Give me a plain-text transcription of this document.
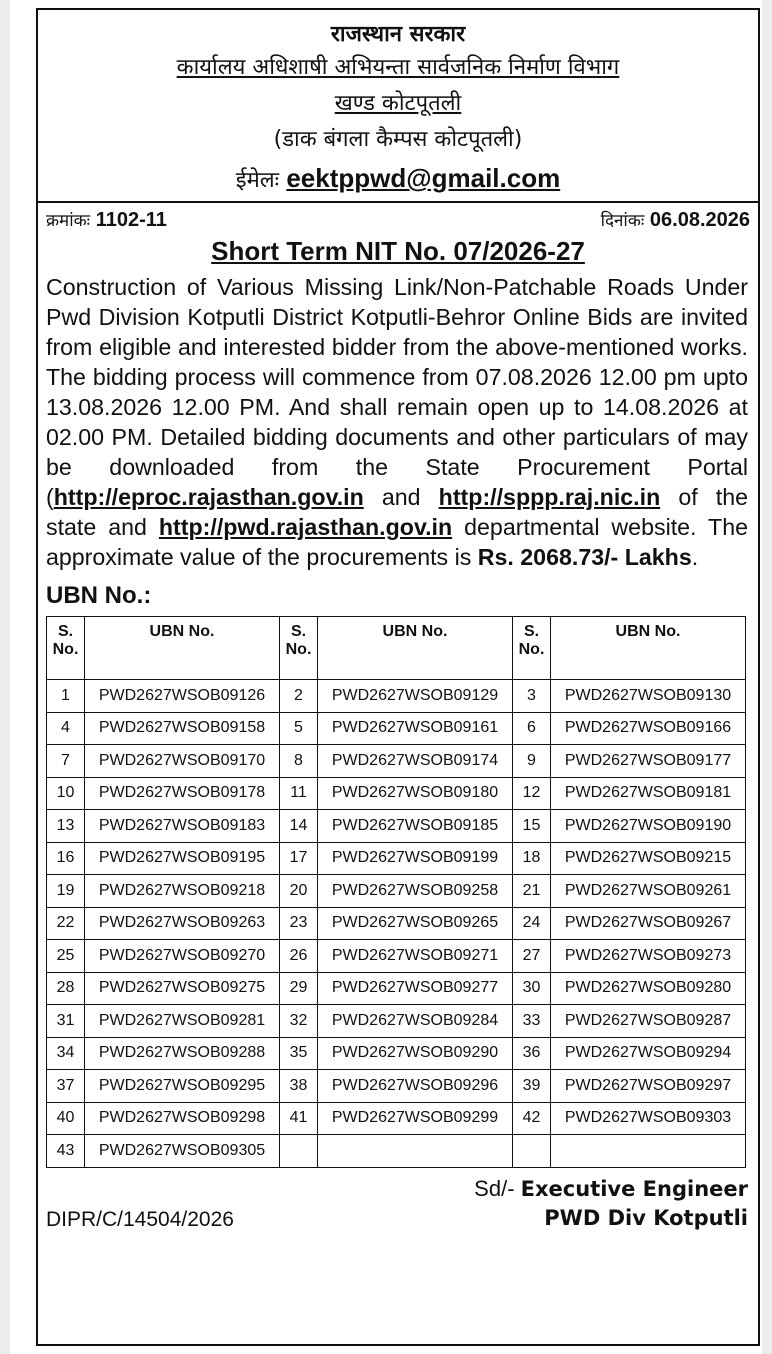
राजस्थान सरकार
कार्यालय अधिशाषी अभियन्ता सार्वजनिक निर्माण विभाग
खण्ड कोटपूतली
(डाक बंगला कैम्पस कोटपूतली)
ईमेलः eektppwd@gmail.com
क्रमांकः 1102-11	दिनांकः 06.08.2026
Short Term NIT No. 07/2026-27
Construction of Various Missing Link/Non-Patchable Roads Under Pwd Division Kotputli District Kotputli-Behror Online Bids are invited from eligible and interested bidder from the above-mentioned works. The bidding process will commence from 07.08.2026 12.00 pm upto 13.08.2026 12.00 PM. And shall remain open up to 14.08.2026 at 02.00 PM. Detailed bidding documents and other particulars of may be downloaded from the State Procurement Portal (http://eproc.rajasthan.gov.in and http://sppp.raj.nic.in of the state and http://pwd.rajasthan.gov.in departmental website. The approximate value of the procurements is Rs. 2068.73/- Lakhs.
UBN No.:
S. No.	UBN No.	S. No.	UBN No.	S. No.	UBN No.
1	PWD2627WSOB09126	2	PWD2627WSOB09129	3	PWD2627WSOB09130
4	PWD2627WSOB09158	5	PWD2627WSOB09161	6	PWD2627WSOB09166
7	PWD2627WSOB09170	8	PWD2627WSOB09174	9	PWD2627WSOB09177
10	PWD2627WSOB09178	11	PWD2627WSOB09180	12	PWD2627WSOB09181
13	PWD2627WSOB09183	14	PWD2627WSOB09185	15	PWD2627WSOB09190
16	PWD2627WSOB09195	17	PWD2627WSOB09199	18	PWD2627WSOB09215
19	PWD2627WSOB09218	20	PWD2627WSOB09258	21	PWD2627WSOB09261
22	PWD2627WSOB09263	23	PWD2627WSOB09265	24	PWD2627WSOB09267
25	PWD2627WSOB09270	26	PWD2627WSOB09271	27	PWD2627WSOB09273
28	PWD2627WSOB09275	29	PWD2627WSOB09277	30	PWD2627WSOB09280
31	PWD2627WSOB09281	32	PWD2627WSOB09284	33	PWD2627WSOB09287
34	PWD2627WSOB09288	35	PWD2627WSOB09290	36	PWD2627WSOB09294
37	PWD2627WSOB09295	38	PWD2627WSOB09296	39	PWD2627WSOB09297
40	PWD2627WSOB09298	41	PWD2627WSOB09299	42	PWD2627WSOB09303
43	PWD2627WSOB09305				
Sd/- Executive Engineer
PWD Div Kotputli
DIPR/C/14504/2026
